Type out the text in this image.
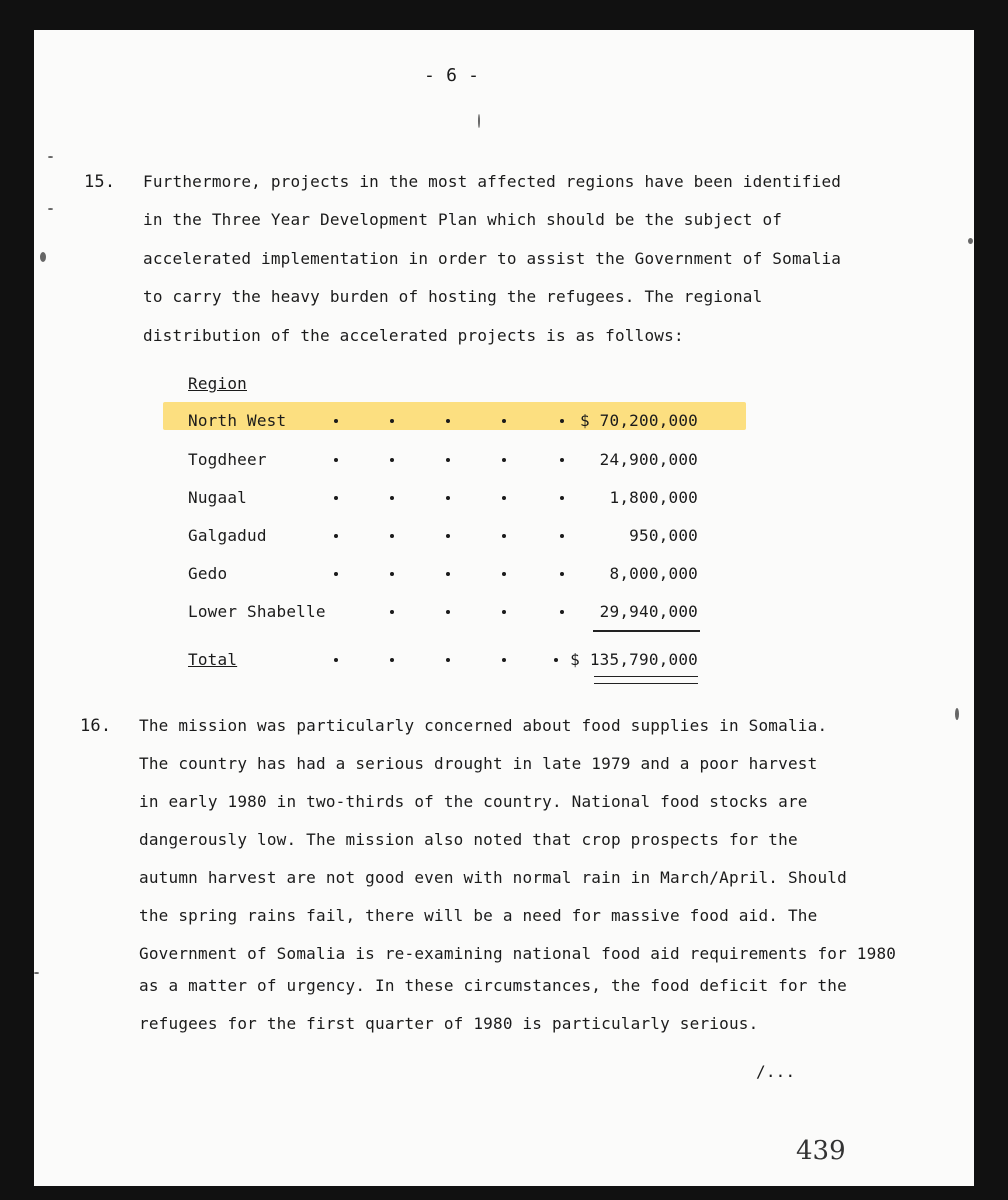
- 6 -
15. Furthermore, projects in the most affected regions have been identified
in the Three Year Development Plan which should be the subject of
accelerated implementation in order to assist the Government of Somalia
to carry the heavy burden of hosting the refugees. The regional
distribution of the accelerated projects is as follows:
Region
North West	$ 70,200,000
Togdheer	24,900,000
Nugaal	1,800,000
Galgadud	950,000
Gedo	8,000,000
Lower Shabelle	29,940,000
Total	$ 135,790,000
16. The mission was particularly concerned about food supplies in Somalia.
The country has had a serious drought in late 1979 and a poor harvest
in early 1980 in two-thirds of the country. National food stocks are
dangerously low. The mission also noted that crop prospects for the
autumn harvest are not good even with normal rain in March/April. Should
the spring rains fail, there will be a need for massive food aid. The
Government of Somalia is re-examining national food aid requirements for 1980
as a matter of urgency. In these circumstances, the food deficit for the
refugees for the first quarter of 1980 is particularly serious.
/...
439
